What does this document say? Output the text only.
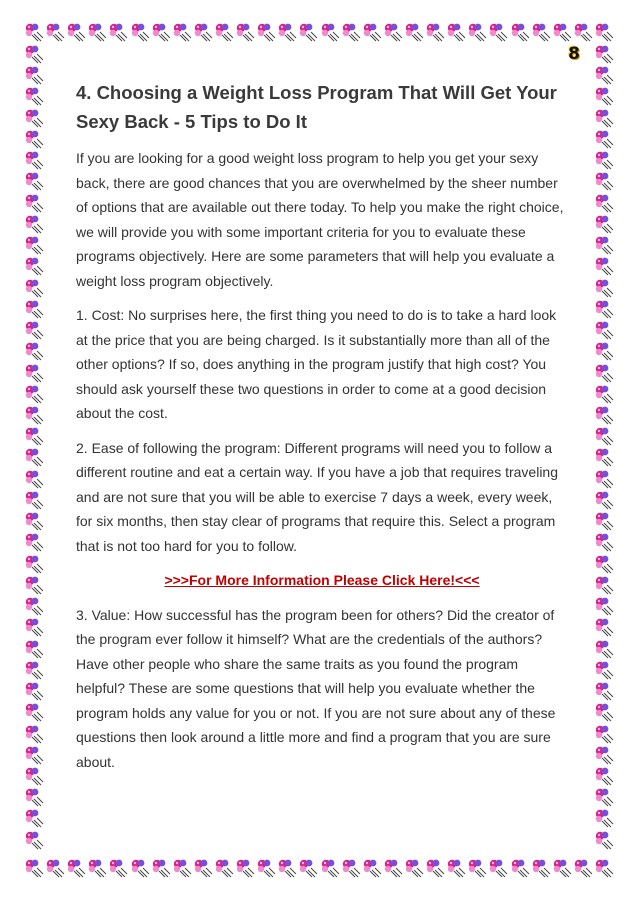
8
4. Choosing a Weight Loss Program That Will Get Your Sexy Back - 5 Tips to Do It

If you are looking for a good weight loss program to help you get your sexy back, there are good chances that you are overwhelmed by the sheer number of options that are available out there today. To help you make the right choice, we will provide you with some important criteria for you to evaluate these programs objectively. Here are some parameters that will help you evaluate a weight loss program objectively.

1. Cost: No surprises here, the first thing you need to do is to take a hard look at the price that you are being charged. Is it substantially more than all of the other options? If so, does anything in the program justify that high cost? You should ask yourself these two questions in order to come at a good decision about the cost.

2. Ease of following the program: Different programs will need you to follow a different routine and eat a certain way. If you have a job that requires traveling and are not sure that you will be able to exercise 7 days a week, every week, for six months, then stay clear of programs that require this. Select a program that is not too hard for you to follow.

>>>For More Information Please Click Here!<<<

3. Value: How successful has the program been for others? Did the creator of the program ever follow it himself? What are the credentials of the authors? Have other people who share the same traits as you found the program helpful? These are some questions that will help you evaluate whether the program holds any value for you or not. If you are not sure about any of these questions then look around a little more and find a program that you are sure about.
